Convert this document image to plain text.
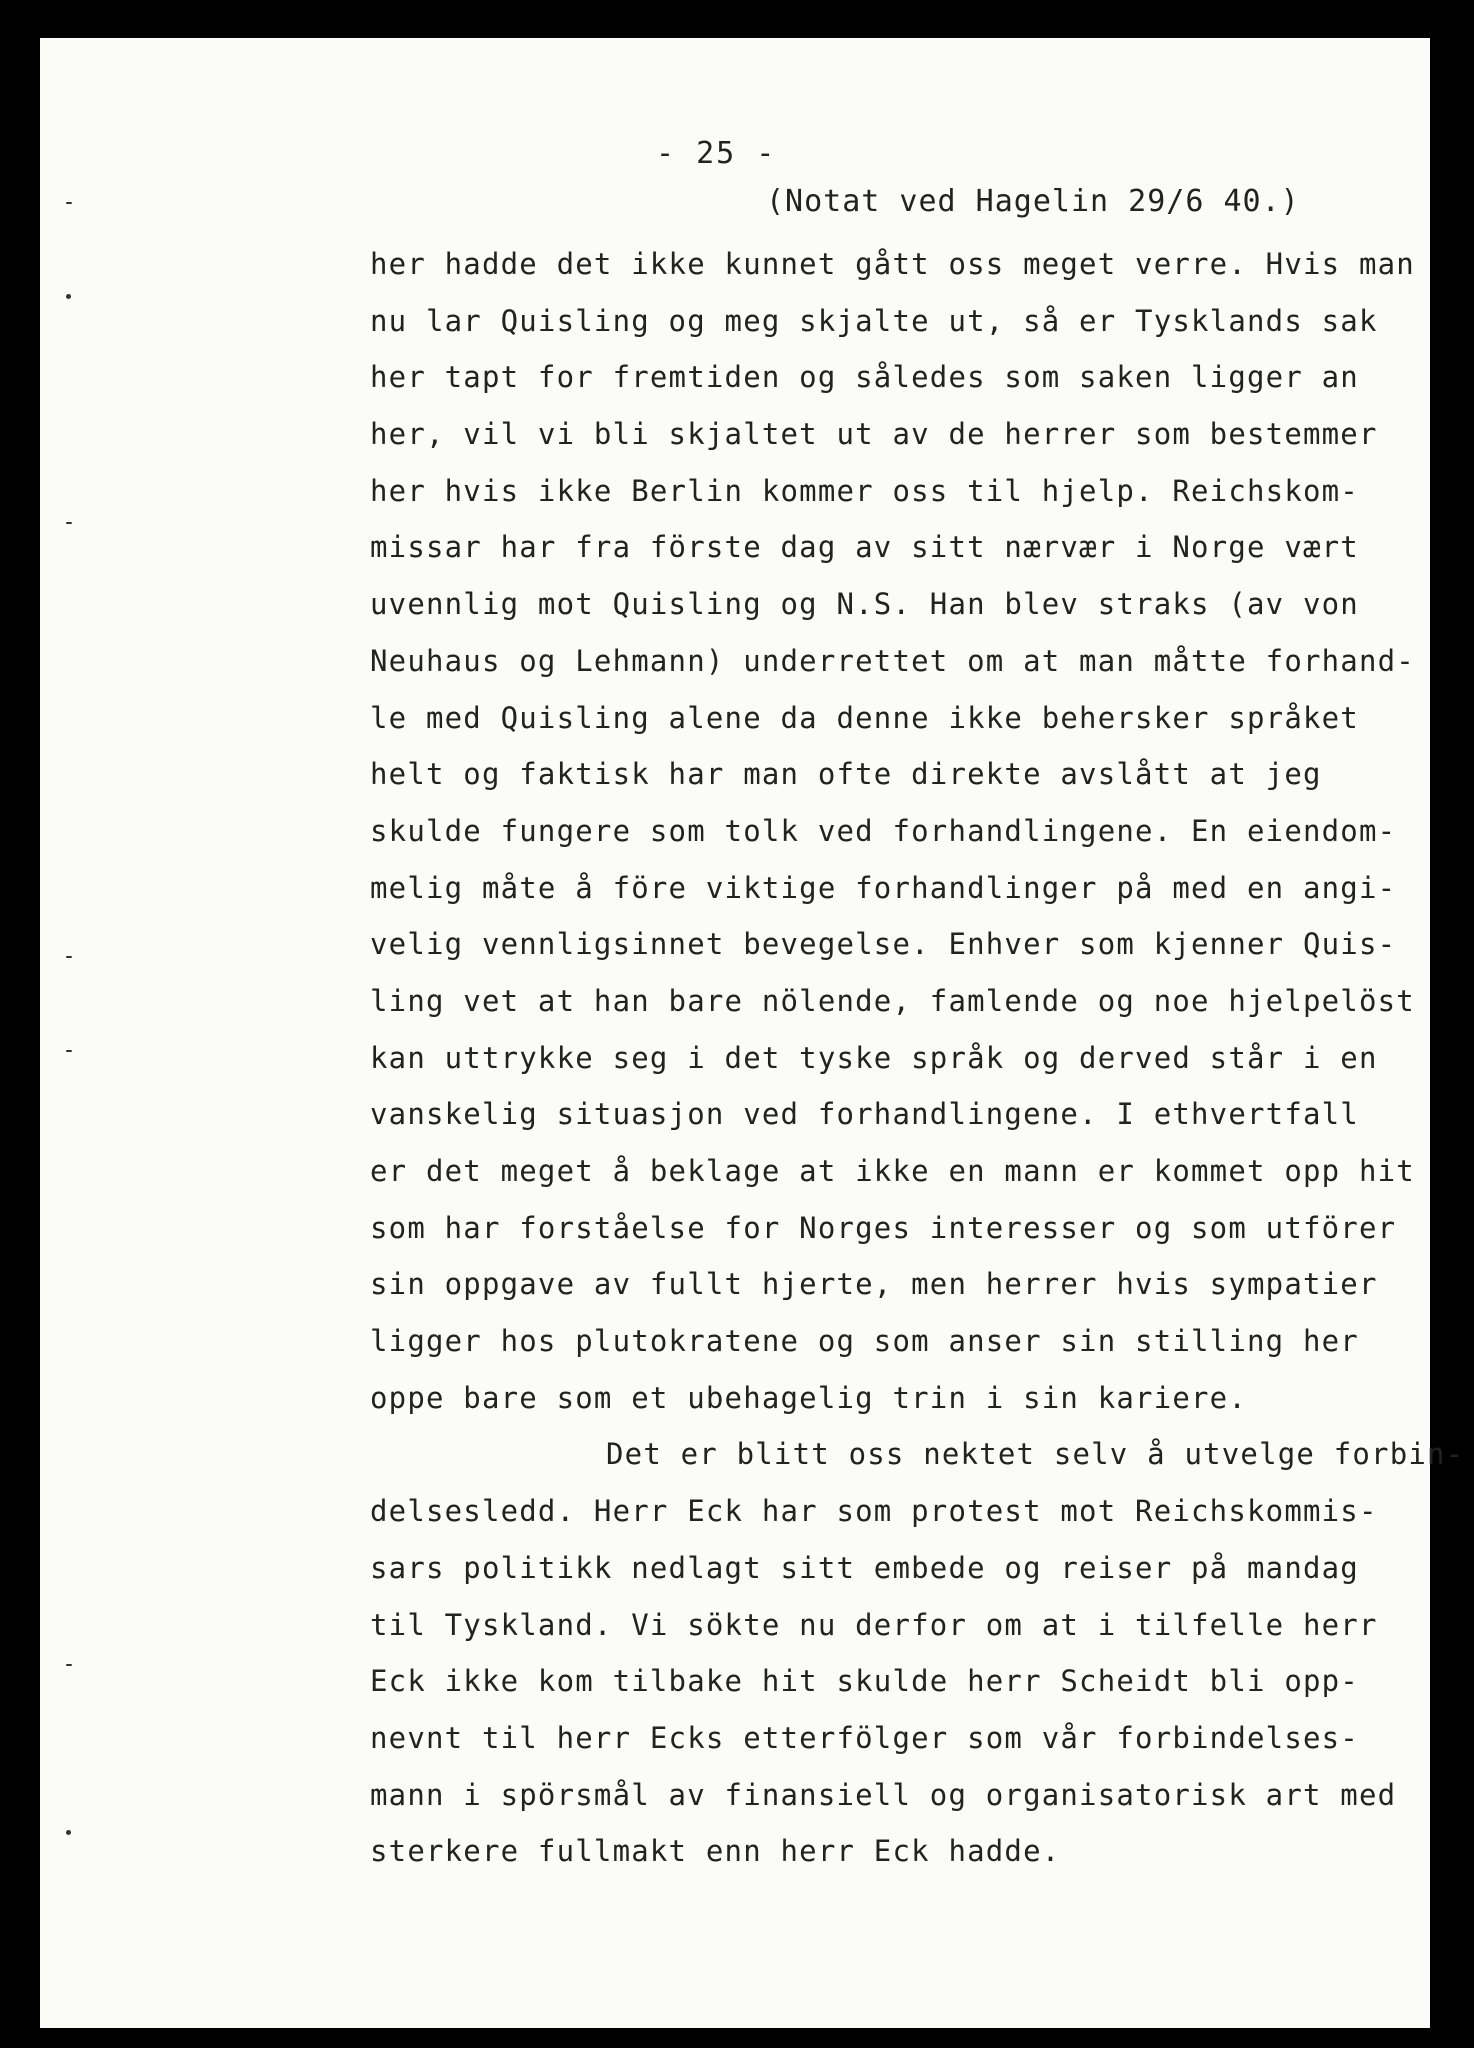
- 25 -
(Notat ved Hagelin 29/6 40.)
her hadde det ikke kunnet gått oss meget verre. Hvis man
nu lar Quisling og meg skjalte ut, så er Tysklands sak
her tapt for fremtiden og således som saken ligger an
her, vil vi bli skjaltet ut av de herrer som bestemmer
her hvis ikke Berlin kommer oss til hjelp. Reichskom-
missar har fra förste dag av sitt nærvær i Norge vært
uvennlig mot Quisling og N.S. Han blev straks (av von
Neuhaus og Lehmann) underrettet om at man måtte forhand-
le med Quisling alene da denne ikke behersker språket
helt og faktisk har man ofte direkte avslått at jeg
skulde fungere som tolk ved forhandlingene. En eiendom-
melig måte å före viktige forhandlinger på med en angi-
velig vennligsinnet bevegelse. Enhver som kjenner Quis-
ling vet at han bare nölende, famlende og noe hjelpelöst
kan uttrykke seg i det tyske språk og derved står i en
vanskelig situasjon ved forhandlingene. I ethvertfall
er det meget å beklage at ikke en mann er kommet opp hit
som har forståelse for Norges interesser og som utförer
sin oppgave av fullt hjerte, men herrer hvis sympatier
ligger hos plutokratene og som anser sin stilling her
oppe bare som et ubehagelig trin i sin kariere.
Det er blitt oss nektet selv å utvelge forbin-
delsesledd. Herr Eck har som protest mot Reichskommis-
sars politikk nedlagt sitt embede og reiser på mandag
til Tyskland. Vi sökte nu derfor om at i tilfelle herr
Eck ikke kom tilbake hit skulde herr Scheidt bli opp-
nevnt til herr Ecks etterfölger som vår forbindelses-
mann i spörsmål av finansiell og organisatorisk art med
sterkere fullmakt enn herr Eck hadde.
